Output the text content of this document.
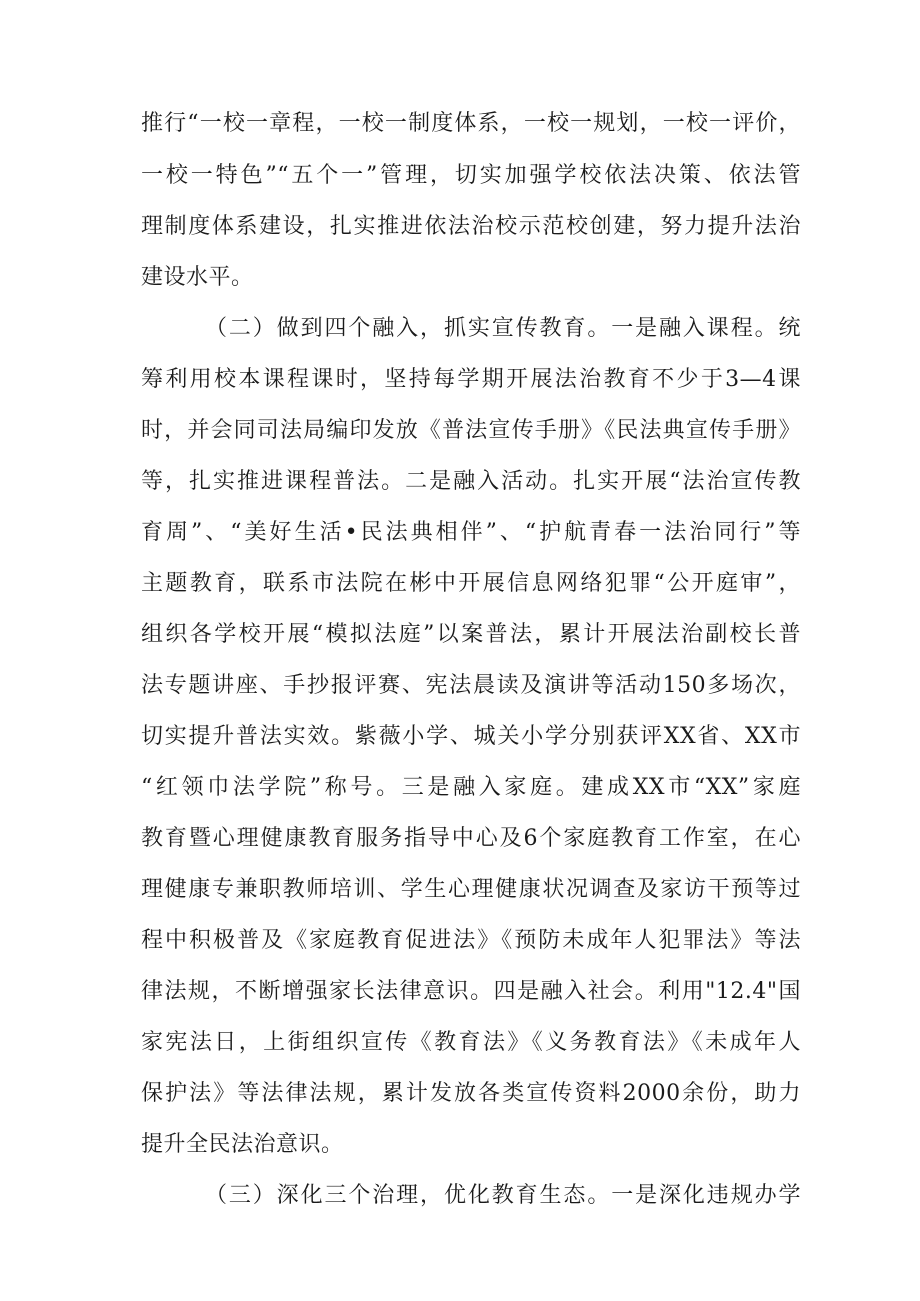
推行“一校一章程，一校一制度体系，一校一规划，一校一评价，

一校一特色”“五个一”管理，切实加强学校依法决策、依法管

理制度体系建设，扎实推进依法治校示范校创建，努力提升法治

建设水平。

（二）做到四个融入，抓实宣传教育。一是融入课程。统

筹利用校本课程课时，坚持每学期开展法治教育不少于3—4课

时，并会同司法局编印发放《普法宣传手册》《民法典宣传手册》

等，扎实推进课程普法。二是融入活动。扎实开展“法治宣传教

育周”、“美好生活•民法典相伴”、“护航青春一法治同行”等

主题教育，联系市法院在彬中开展信息网络犯罪“公开庭审”，

组织各学校开展“模拟法庭”以案普法，累计开展法治副校长普

法专题讲座、手抄报评赛、宪法晨读及演讲等活动150多场次，

切实提升普法实效。紫薇小学、城关小学分别获评XX省、XX市

“红领巾法学院”称号。三是融入家庭。建成XX市“XX”家庭

教育暨心理健康教育服务指导中心及6个家庭教育工作室，在心

理健康专兼职教师培训、学生心理健康状况调查及家访干预等过

程中积极普及《家庭教育促进法》《预防未成年人犯罪法》等法

律法规，不断增强家长法律意识。四是融入社会。利用"12.4"国

家宪法日，上街组织宣传《教育法》《义务教育法》《未成年人

保护法》等法律法规，累计发放各类宣传资料2000余份，助力

提升全民法治意识。

（三）深化三个治理，优化教育生态。一是深化违规办学
